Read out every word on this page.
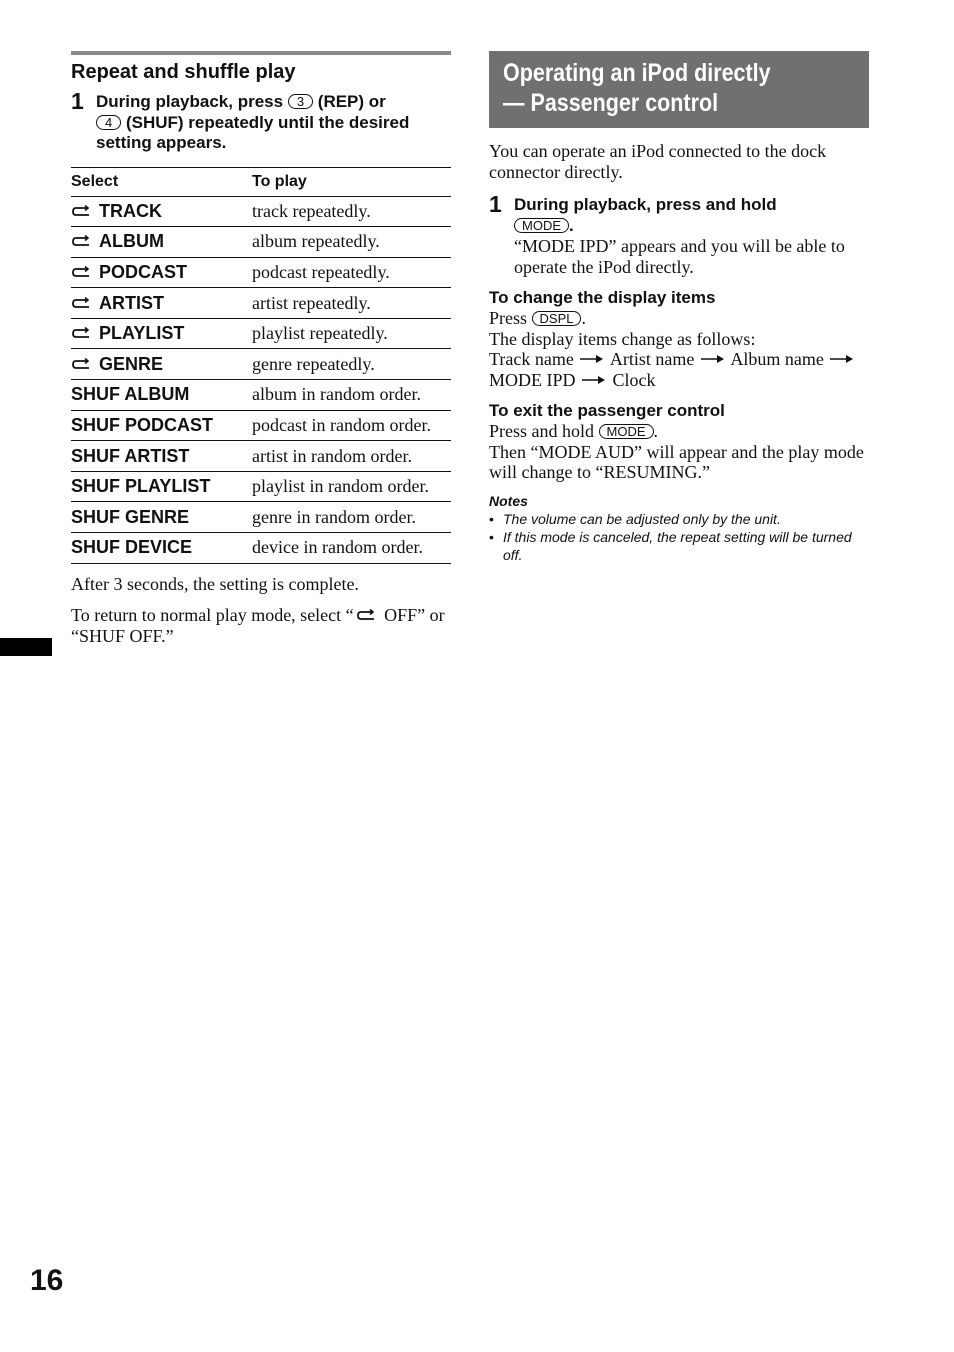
Repeat and shuffle play
1 During playback, press 3 (REP) or
4 (SHUF) repeatedly until the desired setting appears.
Select	To play
TRACK	track repeatedly.
ALBUM	album repeatedly.
PODCAST	podcast repeatedly.
ARTIST	artist repeatedly.
PLAYLIST	playlist repeatedly.
GENRE	genre repeatedly.
SHUF ALBUM	album in random order.
SHUF PODCAST	podcast in random order.
SHUF ARTIST	artist in random order.
SHUF PLAYLIST	playlist in random order.
SHUF GENRE	genre in random order.
SHUF DEVICE	device in random order.
After 3 seconds, the setting is complete.
To return to normal play mode, select “ OFF” or “SHUF OFF.”
16
Operating an iPod directly
— Passenger control
You can operate an iPod connected to the dock connector directly.
1 During playback, press and hold
MODE .
“MODE IPD” appears and you will be able to operate the iPod directly.
To change the display items
Press DSPL .
The display items change as follows:
Track name Artist name Album name
MODE IPD Clock
To exit the passenger control
Press and hold MODE .
Then “MODE AUD” will appear and the play mode will change to “RESUMING.”
Notes
• The volume can be adjusted only by the unit.
• If this mode is canceled, the repeat setting will be turned off.
